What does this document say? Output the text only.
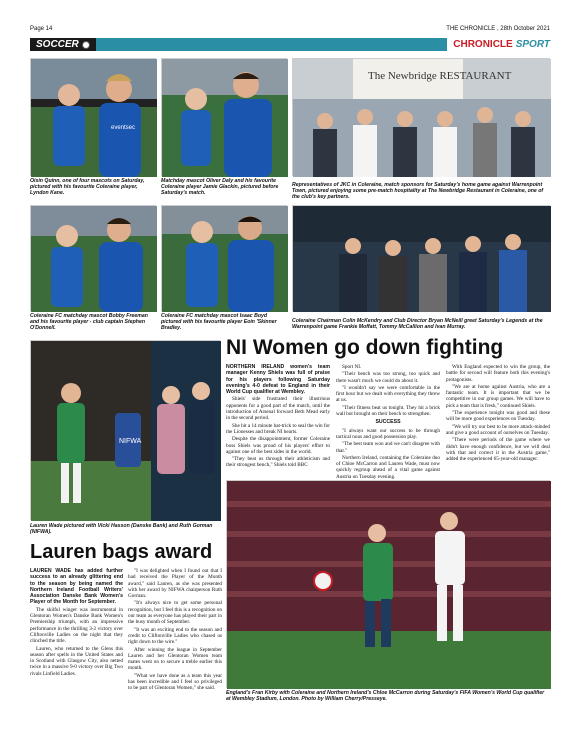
Page 14	THE CHRONICLE , 28th October 2021
SOCCER	CHRONICLE SPORT
eventsec
Oisin Quinn, one of four mascots on Saturday, pictured with his favourite Coleraine player, Lyndon Kane.
Matchday mascot Oliver Daly and his favourite Coleraine player Jamie Glackin, pictured before Saturday's match.
The Newbridge RESTAURANT
Representatives of JKC in Coleraine, match sponsors for Saturday's home game against Warrenpoint Town, pictured enjoying some pre-match hospitality at The Newbridge Restaurant in Coleraine, one of the club's key partners.
Coleraine FC matchday mascot Bobby Freeman and his favourite player - club captain Stephen O'Donnell.
Coleraine FC matchday mascot Isaac Boyd pictured with his favourite player Eoin 'Skinner Bradley.
Coleraine Chairman Colin McKendry and Club Director Bryan McNeill greet Saturday's Legends at the Warrenpoint game Frankie Moffatt, Tommy McCallion and Ivan Murray.
NI Women go down fighting
NIFWA
Lauren Wade pictured with Vicki Hasson (Danske Bank) and Ruth Gorman (NIFWA).

NORTHERN IRELAND women's team manager Kenny Shiels was full of praise for his players following Saturday evening's 4-0 defeat to England in their World Cup qualifier at Wembley.

Shiels' side frustrated their illustrious opponents for a good part of the match, until the introduction of Arsenal forward Beth Mead early in the second period.

She hit a 14 minute hat-trick to seal the win for the Lionesses and break NI hearts.

Despite the disappointment, former Coleraine boss Shiels was proud of his players' effort to against one of the best sides in the world.

"They beat us through their athleticism and their strongest bench," Shiels told BBC

Sport NI.

"Their bench was too strong, too quick and there wasn't much we could do about it.

"I wouldn't say we were comfortable in the first hour but we dealt with everything they threw at us.

"Their fitness beat us tonight. They hit a brick wall but brought on their bench to strengthen.

SUCCESS

"I always want our success to be through tactical nous and good possession play.

"The best team won and we can't disagree with that."

Northern Ireland, containing the Coleraine duo of Chloe McCarron and Lauren Wade, must now quickly regroup ahead of a vital game against Austria on Tuesday evening.

With England expected to win the group, the battle for second will feature both this evening's protagonists.

"We are at home against Austria, who are a fantastic team. It is important that we be competitive in our group games. We will have to pick a team that is fresh," continued Shiels.

"The experience tonight was good and these will be more good experiences on Tuesday.

"We will try our best to be more attack-minded and give a good account of ourselves on Tuesday.

"There were periods of the game where we didn't have enough confidence, but we will deal with that and correct it in the Austria game," added the experienced 65-year-old manager.

England's Fran Kirby with Coleraine and Northern Ireland's Chloe McCarron during Saturday's FIFA Women's World Cup qualifier at Wembley Stadium, London. Photo by William Cherry/Presseye.
Lauren bags award

LAUREN WADE has added further success to an already glittering end to the season by being named the Northern Ireland Football Writers' Association Danske Bank Women's Player of the Month for September.

The skilful winger was instrumental in Glentoran Women's Danske Bank Women's Premiership triumph, with an impressive performance in the thrilling 3-2 victory over Cliftonville Ladies on the night that they clinched the title.

Lauren, who returned to the Glens this season after spells in the United States and in Scotland with Glasgow City, also netted twice in a massive 9-0 victory over Big Two rivals Linfield Ladies.

"I was delighted when I found out that I had received the Player of the Month award," said Lauren, as she was presented with her award by NIFWA chairperson Ruth Gorman.

"It's always nice to get some personal recognition, but I feel this is a recognition on our team as everyone has played their part in the busy month of September.

"It was an exciting end to the season and credit to Cliftonville Ladies who chased us right down to the wire."

After winning the league in September Lauren and her Glentoran Women team mates went on to secure a treble earlier this month.

"What we have done as a team this year has been incredible and I feel so privileged to be part of Glentoran Women," she said.
